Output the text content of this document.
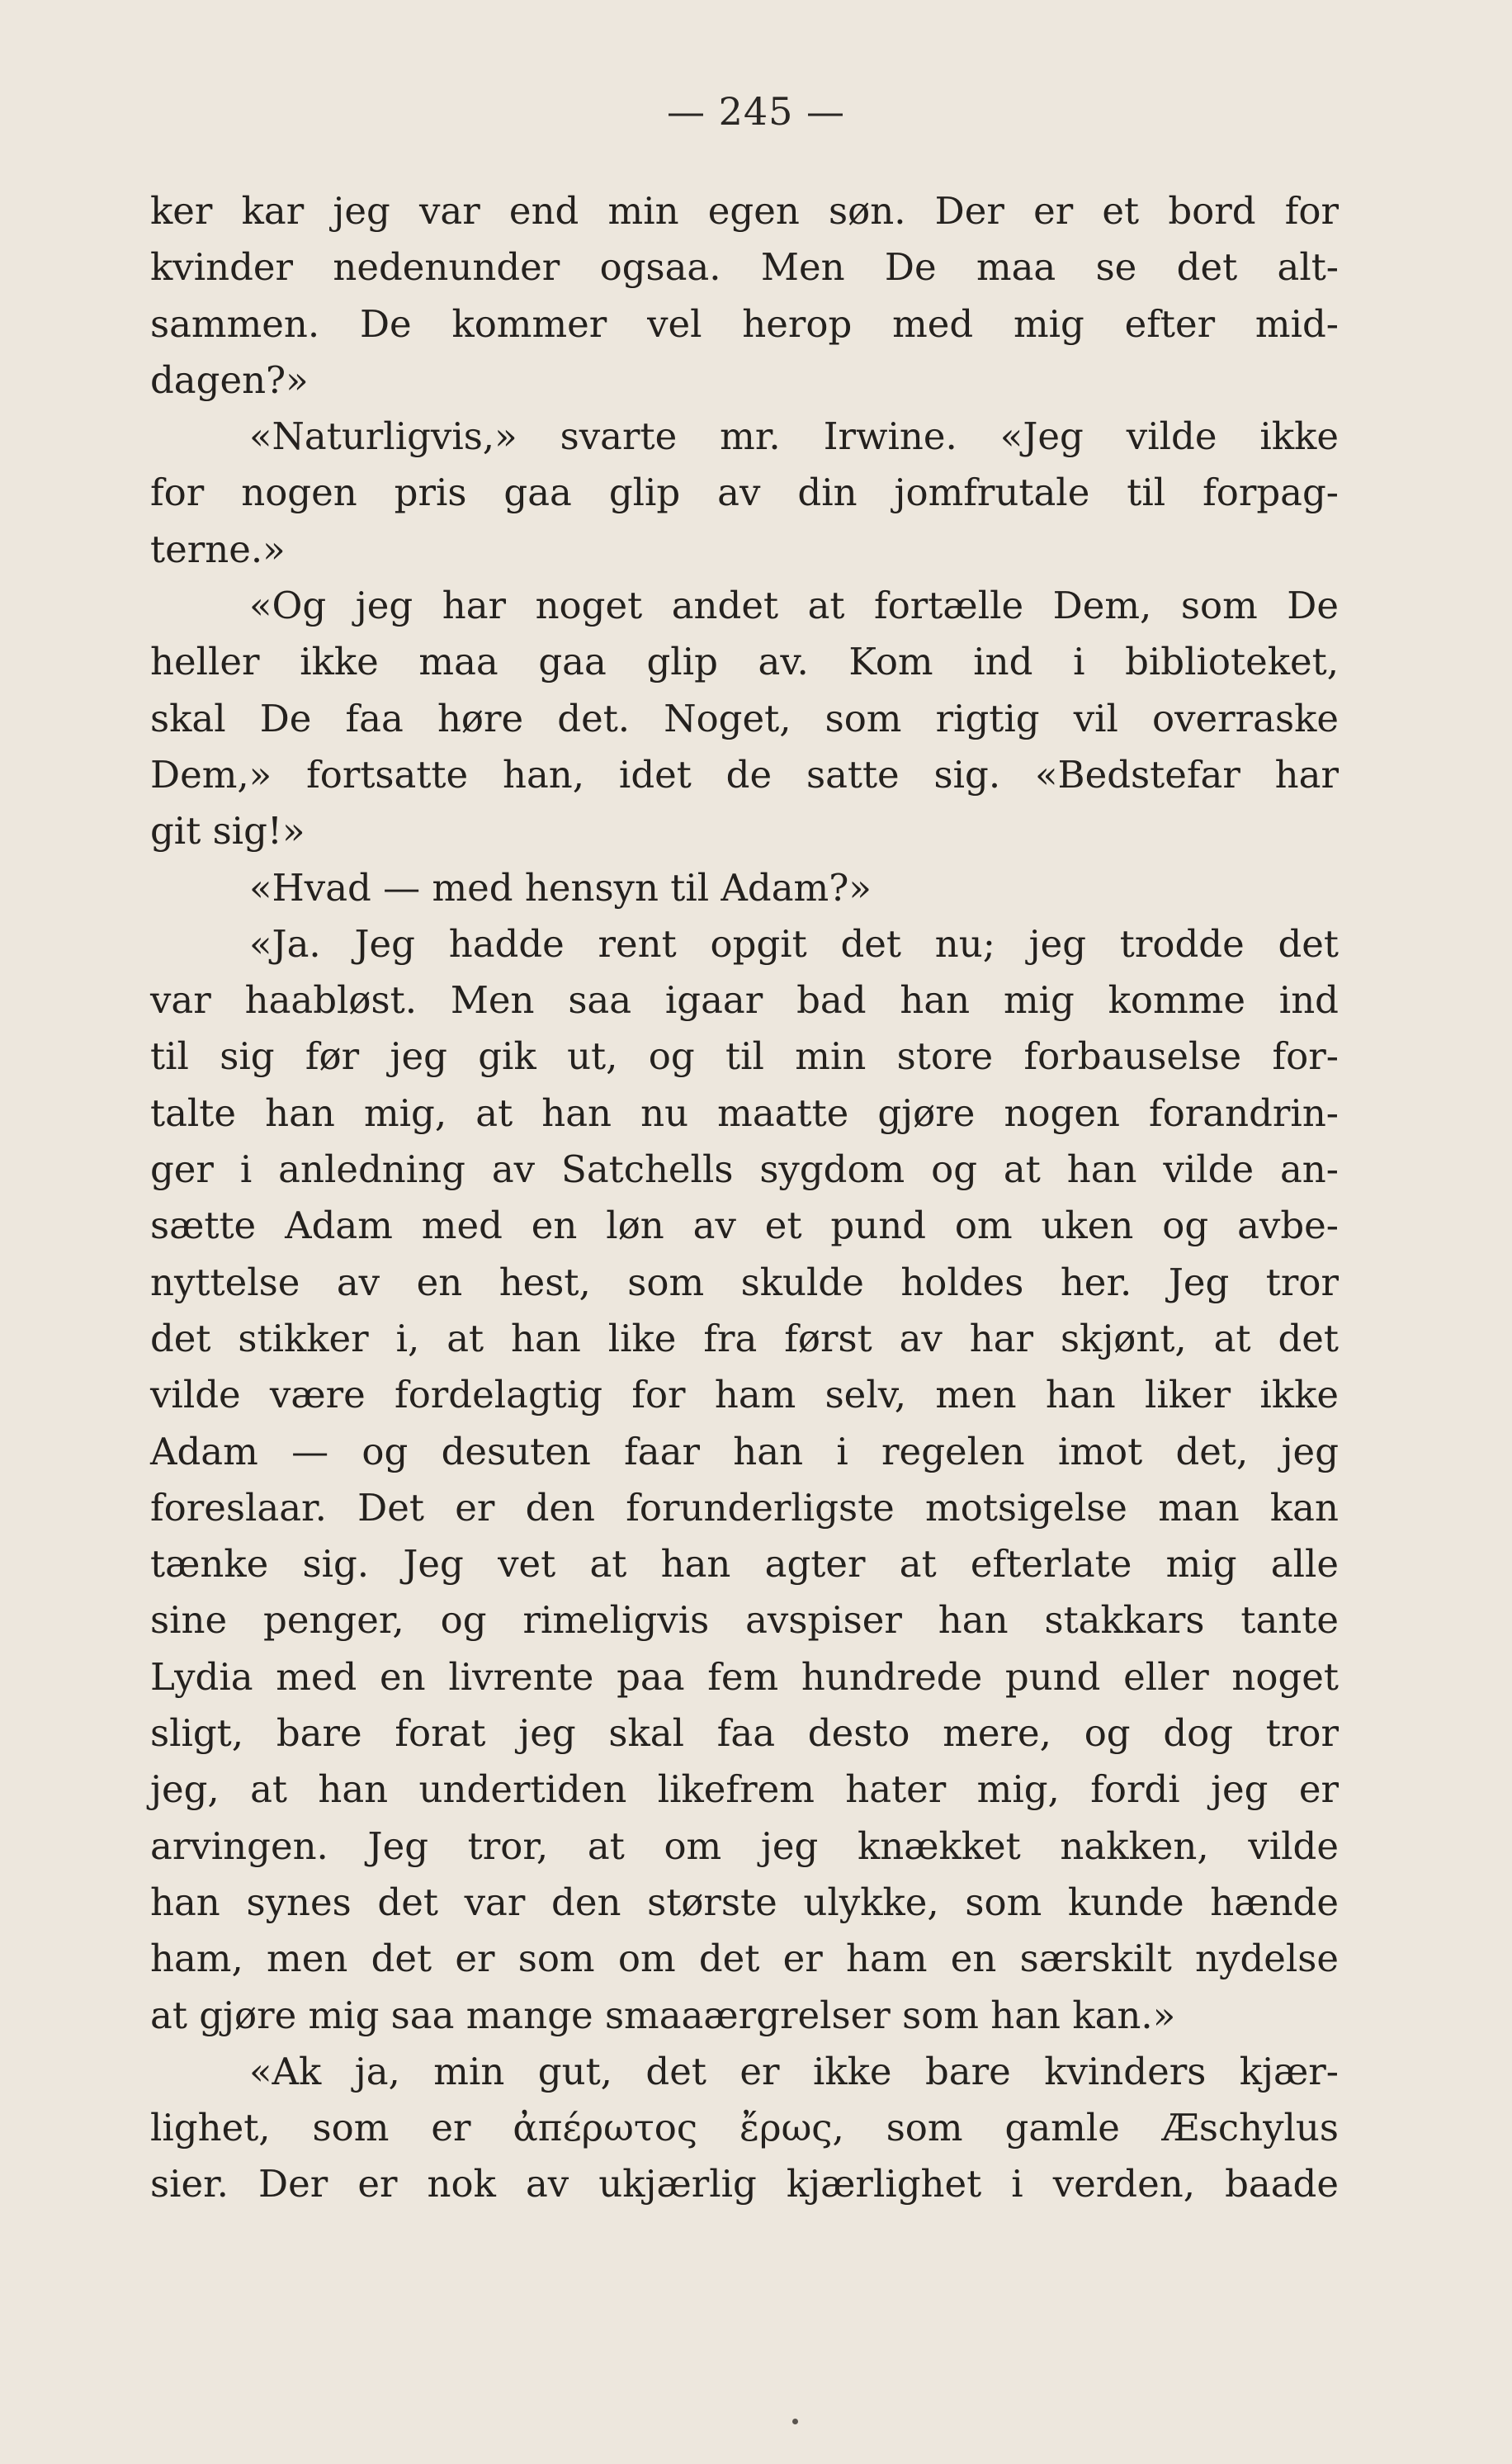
— 245 —
ker kar jeg var end min egen søn. Der er et bord for
kvinder nedenunder ogsaa. Men De maa se det alt-
sammen. De kommer vel herop med mig efter mid-
dagen?»
«Naturligvis,» svarte mr. Irwine. «Jeg vilde ikke
for nogen pris gaa glip av din jomfrutale til forpag-
terne.»
«Og jeg har noget andet at fortælle Dem, som De
heller ikke maa gaa glip av. Kom ind i biblioteket,
skal De faa høre det. Noget, som rigtig vil overraske
Dem,» fortsatte han, idet de satte sig. «Bedstefar har
git sig!»
«Hvad — med hensyn til Adam?»
«Ja. Jeg hadde rent opgit det nu; jeg trodde det
var haabløst. Men saa igaar bad han mig komme ind
til sig før jeg gik ut, og til min store forbauselse for-
talte han mig, at han nu maatte gjøre nogen forandrin-
ger i anledning av Satchells sygdom og at han vilde an-
sætte Adam med en løn av et pund om uken og avbe-
nyttelse av en hest, som skulde holdes her. Jeg tror
det stikker i, at han like fra først av har skjønt, at det
vilde være fordelagtig for ham selv, men han liker ikke
Adam — og desuten faar han i regelen imot det, jeg
foreslaar. Det er den forunderligste motsigelse man kan
tænke sig. Jeg vet at han agter at efterlate mig alle
sine penger, og rimeligvis avspiser han stakkars tante
Lydia med en livrente paa fem hundrede pund eller noget
sligt, bare forat jeg skal faa desto mere, og dog tror
jeg, at han undertiden likefrem hater mig, fordi jeg er
arvingen. Jeg tror, at om jeg knækket nakken, vilde
han synes det var den største ulykke, som kunde hænde
ham, men det er som om det er ham en særskilt nydelse
at gjøre mig saa mange smaaærgrelser som han kan.»
«Ak ja, min gut, det er ikke bare kvinders kjær-
lighet, som er ἀπέρωτος ἔρως, som gamle Æschylus
sier. Der er nok av ukjærlig kjærlighet i verden, baade
